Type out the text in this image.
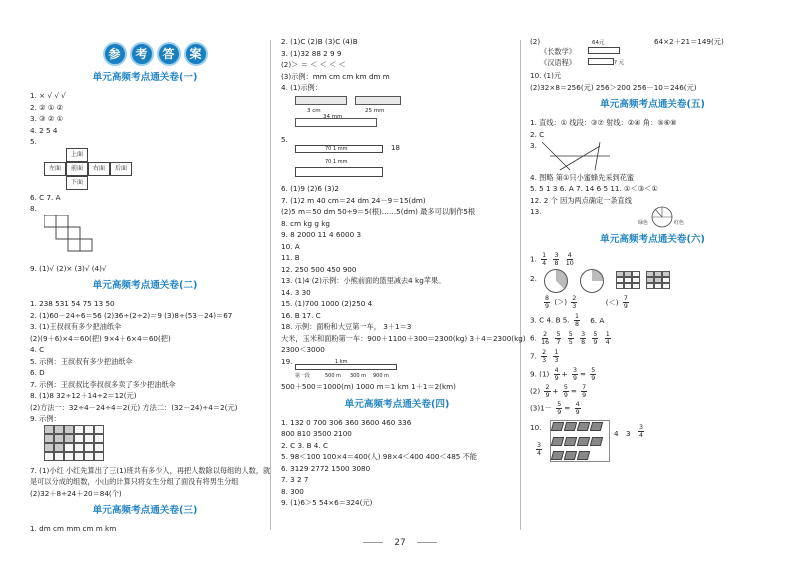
参	考	答	案
单元高频考点通关卷(一)
1. × √ √ √
2. ② ① ②
3. ③ ② ①
4. 2 5 4
5.
上面
左面	前面	右面	后面
下面
6. C 7. A
8.
9. (1)√ (2)× (3)√ (4)√
单元高频考点通关卷(二)
1. 238 531 54 75 13 50
2. (1)60－24÷6＝56 (2)36÷(2÷2)＝9 (3)8÷(53－24)＝67
3. (1)王叔叔有多少把油纸伞
(2)(9＋6)×4＝60(把) 9×4＋6×4＝60(把)
4. C
5. 示例：王叔叔有多少把油纸伞
6. D
7. 示例：王叔叔比李叔叔多卖了多少把油纸伞
8. (1)8 32÷12＋14÷2＝12(元)
(2)方法一：32÷4－24÷4＝2(元) 方法二：(32－24)÷4＝2(元)
9. 示例：
7. (1)小红 小红先算出了三(1)班共有多少人，再把人数除以每组的人数，就
是可以分成的组数，小山的计算只将女生分组了面没有将男生分组
(2)32＋8÷24＋20＝84(个)
单元高频考点通关卷(三)
1. dm cm mm cm m km
2. (1)C (2)B (3)C (4)B
3. (1)32 88 2 9 9
(2)＞ ＝ ＜ ＜ ＜ ＜
(3)示例：mm cm cm km dm m
4. (1)示例：
3 cm	25 mm
34 mm
5.
70 1 mm	18
70 1 mm
6. (1)9 (2)6 (3)2
7. (1)2 m 40 cm＝24 dm 24－9＝15(dm)
(2)5 m＝50 dm 50÷9＝5(根)……5(dm) 最多可以制作5根
8. cm kg g kg
9. 8 2000 11 4 6000 3
10. A
11. B
12. 250 500 450 900
13. (1)4 (2)示例：小熊前面的篮里减去4 kg苹果。
14. 3 30
15. (1)700 1000 (2)250 4
16. B 17. C
18. 示例：面粉和大豆第一车， 3＋1＝3
大米，玉米和面粉第一车：900＋1100＋300＝2300(kg) 3＋4＝2300(kg)
2300＜3000
19.	1 km
第一段	500 m 300 m 900 m
500＋500＝1000(m) 1000 m＝1 km 1＋1＝2(km)
单元高频考点通关卷(四)
1. 132 0 700 306 360 3600 460 336
800 810 3500 2100
2. C 3. B 4. C
5. 98＜100 100×4＝400(人) 98×4＜400 400＜485 不能
6. 3129 2772 1500 3080
7. 3 2 7
8. 300
9. (1)6＞5 54×6＝324(元)
(2)
《长数学》
《汉语程》
64元
? 元
64×2＋21＝149(元)
10. (1)元
(2)32×8＝256(元) 256＞200 256－10＝246(元)
单元高频考点通关卷(五)
1. 直线：① 线段：③⑦ 射线：②④ 角：⑤⑥⑧
2. C
3.
4. 图略 第①只小蜜蜂先采到花蜜
5. 5 1 3 6. A 7. 14 6 5 11. ①＜③＜①
12. 2 个 因为两点确定一条直线
13.
绿色	红色
单元高频考点通关卷(六)
1. $\frac{1}{4}$
$\frac{3}{8}$
$\frac{4}{10}$
2.
$\frac{8}{9}$ (＞) $\frac{2}{3}$	(＜) $\frac{7}{9}$
3. C 4. B 5. $\frac{1}{8} 6$. A
6. $\frac{2}{16}$
$\frac{5}{7}$
$\frac{5}{5}$
$\frac{3}{8}$
$\frac{5}{9}$
$\frac{1}{4}$
7. $\frac{2}{3}$
$\frac{1}{3}$
9. $(1) \frac{4}{9} + \frac{3}{9} = \frac{5}{9}$
$(2) \frac{2}{9} + \frac{5}{9} = \frac{7}{9}$
$(3)1- \frac{5}{9} = \frac{4}{9}$
10.
$\frac{3}{4}$

4 $3 \frac{3}{4}$
27
